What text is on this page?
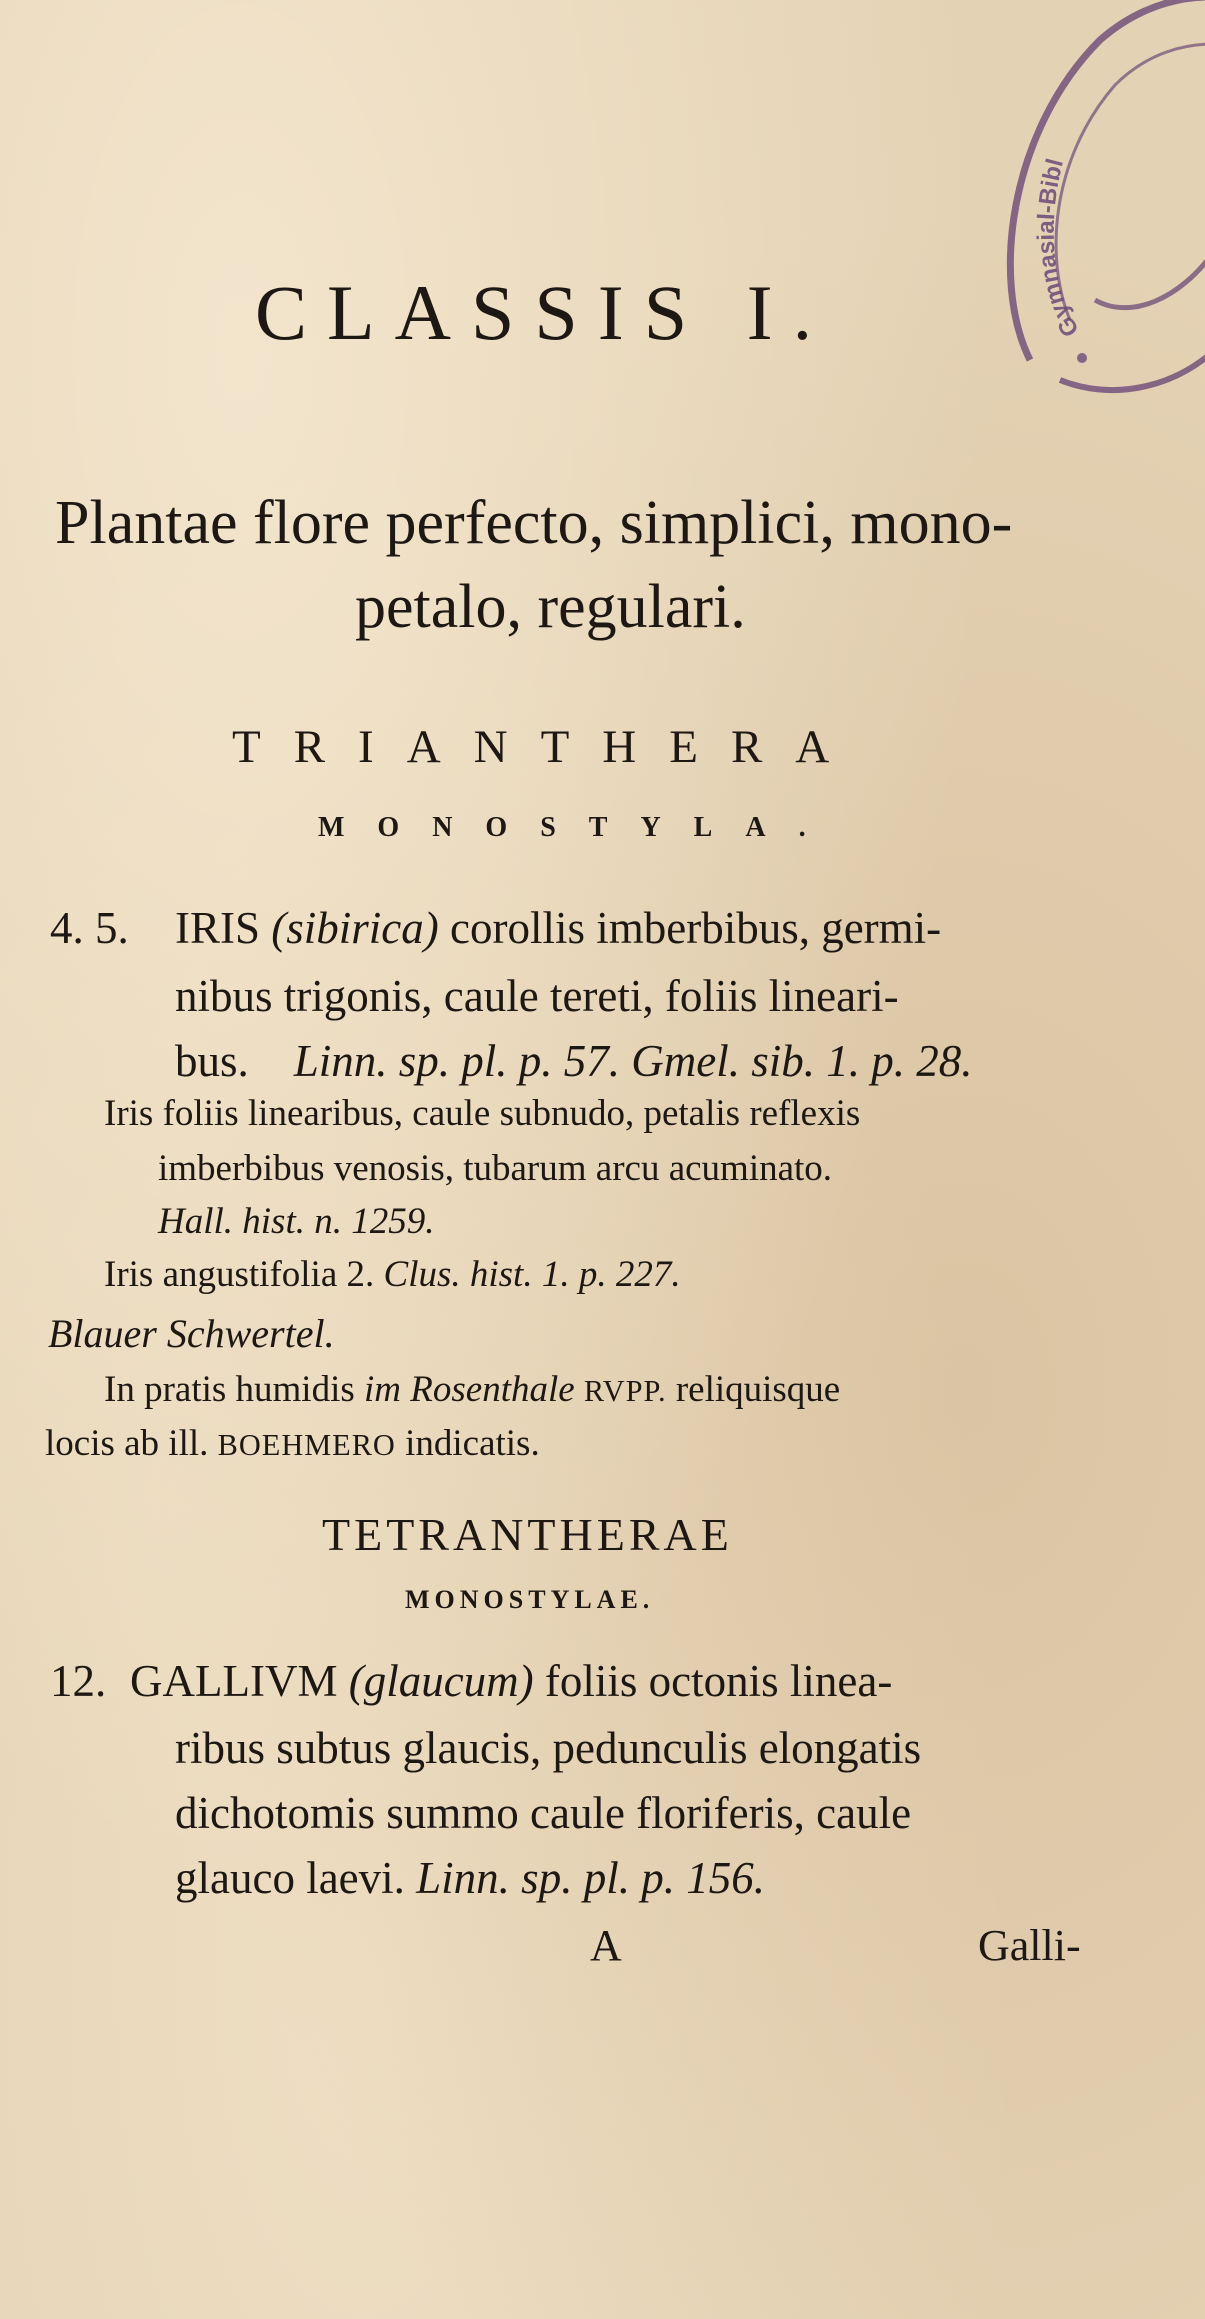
CLASSIS I.
Plantae flore perfecto, simplici, mono-
petalo, regulari.
TRIANTHERA
MONOSTYLA.
4. 5. IRIS (sibirica) corollis imberbibus, germi-
nibus trigonis, caule tereti, foliis lineari-
bus. Linn. sp. pl. p. 57. Gmel. sib. 1. p. 28.
Iris foliis linearibus, caule subnudo, petalis reflexis
imberbibus venosis, tubarum arcu acuminato.
Hall. hist. n. 1259.
Iris angustifolia 2. Clus. hist. 1. p. 227.
Blauer Schwertel.
In pratis humidis im Rosenthale RVPP. reliquisque
locis ab ill. BOEHMERO indicatis.
TETRANTHERAE
MONOSTYLAE.
12. GALLIVM (glaucum) foliis octonis linea-
ribus subtus glaucis, pedunculis elongatis
dichotomis summo caule floriferis, caule
glauco laevi. Linn. sp. pl. p. 156.
A	Galli-
Gymnasial-Bibl
